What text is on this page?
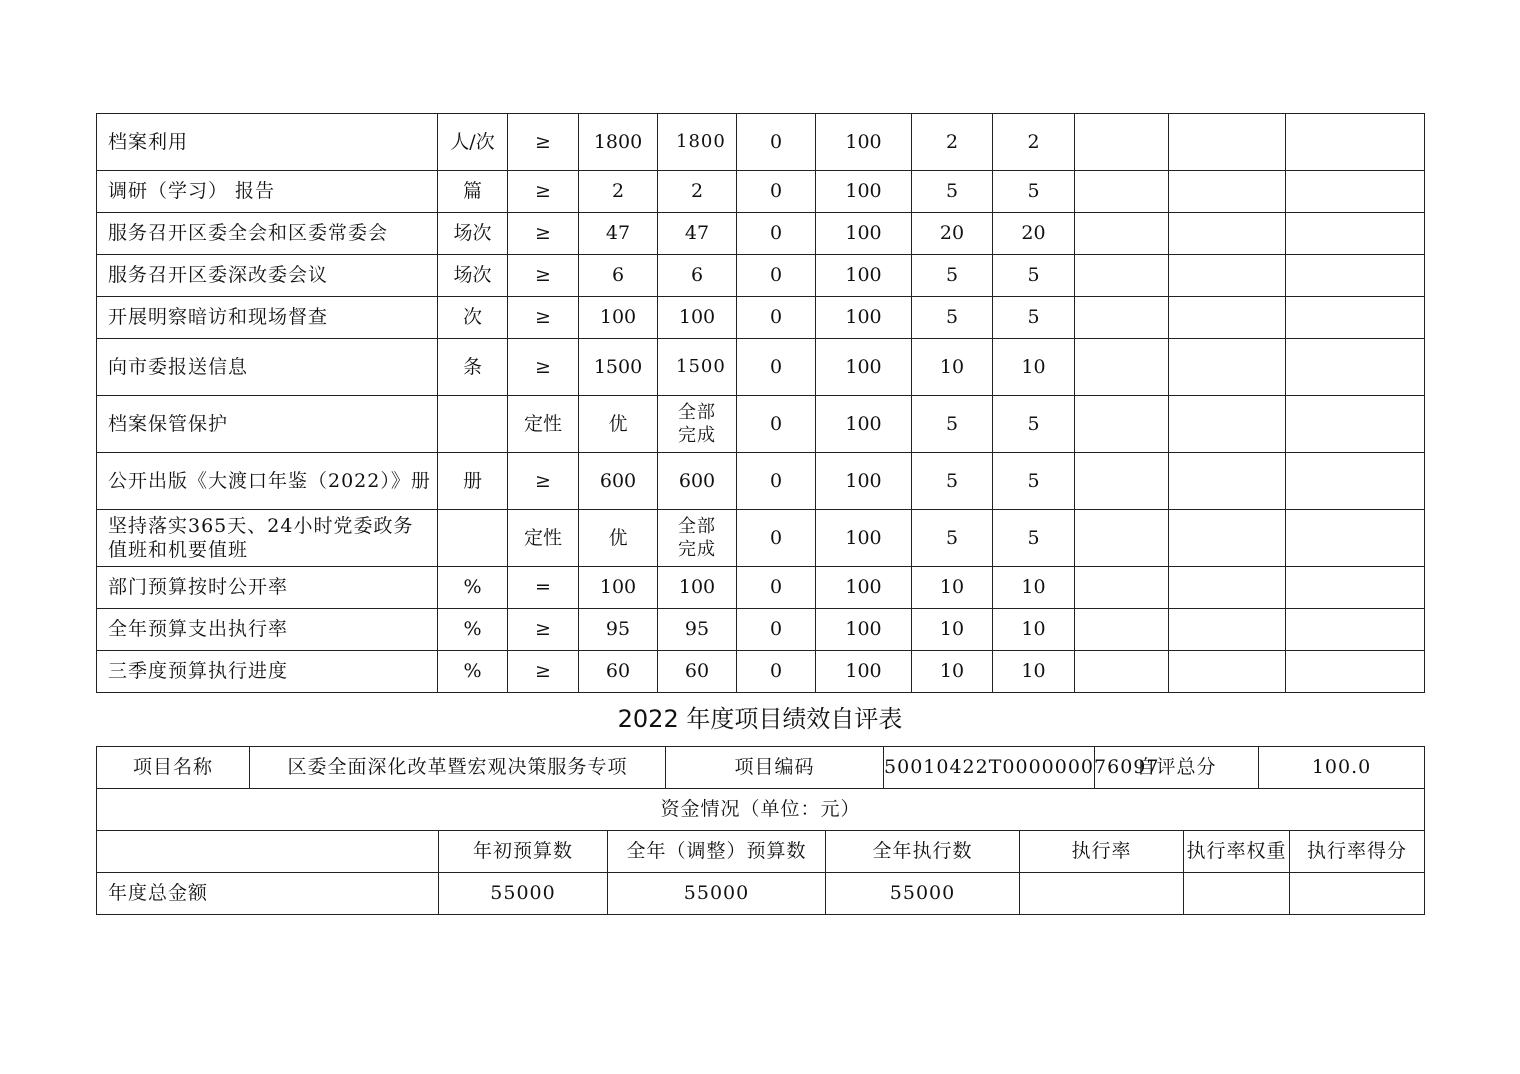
档案利用	人/次	≥	1800	1800	0	100	2	2			
调研（学习） 报告	篇	≥	2	2	0	100	5	5			
服务召开区委全会和区委常委会	场次	≥	47	47	0	100	20	20			
服务召开区委深改委会议	场次	≥	6	6	0	100	5	5			
开展明察暗访和现场督查	次	≥	100	100	0	100	5	5			
向市委报送信息	条	≥	1500	1500	0	100	10	10			
档案保管保护		定性	优	全部完成	0	100	5	5			
公开出版《大渡口年鉴（2022）》册	册	≥	600	600	0	100	5	5			
坚持落实365天、24小时党委政务值班和机要值班		定性	优	全部完成	0	100	5	5			
部门预算按时公开率	%	=	100	100	0	100	10	10			
全年预算支出执行率	%	≥	95	95	0	100	10	10			
三季度预算执行进度	%	≥	60	60	0	100	10	10			
2022 年度项目绩效自评表
项目名称	区委全面深化改革暨宏观决策服务专项			项目编码		50010422T000000076097		自评总分		100.0	
资金情况（单位：元）											
		年初预算数	全年（调整）预算数		全年执行数		执行率		执行率权重		执行率得分
年度总金额		55000	55000		55000						
